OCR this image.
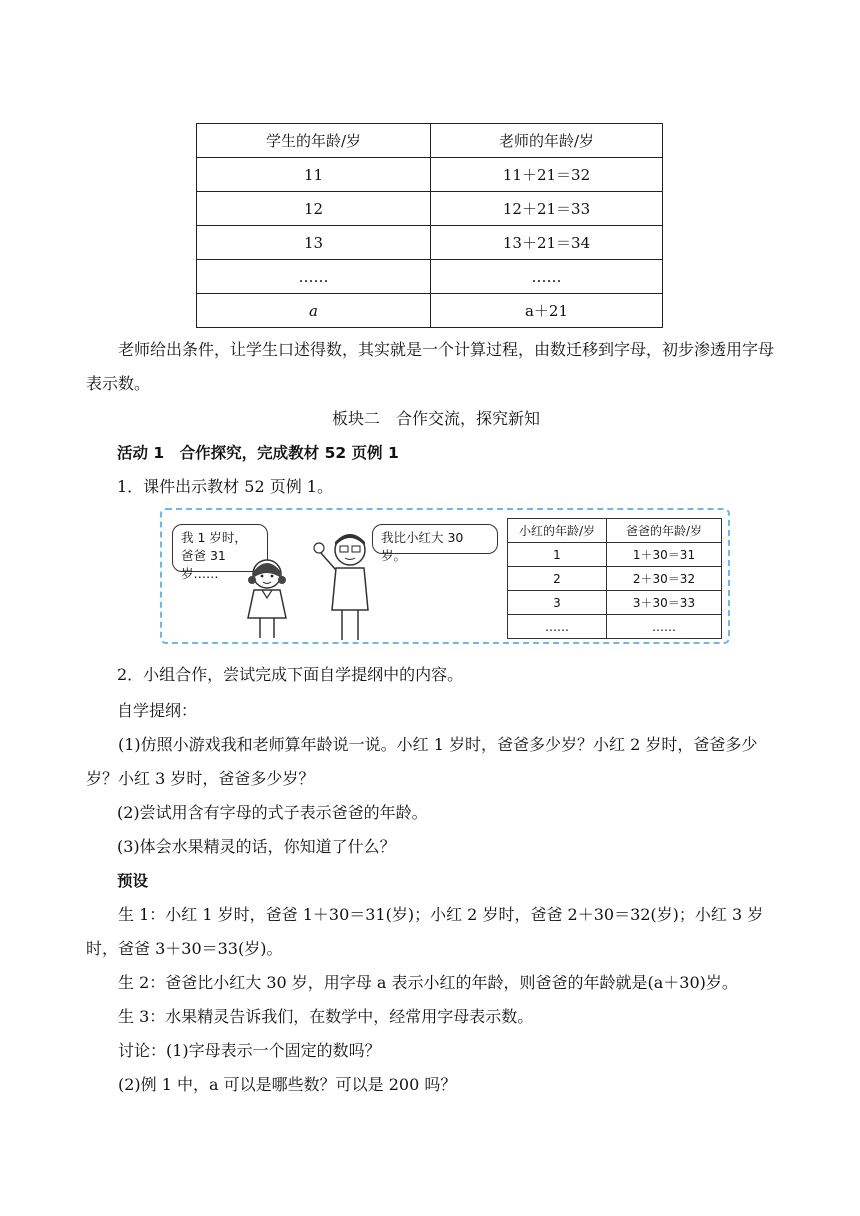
学生的年龄/岁	老师的年龄/岁
11	11＋21＝32
12	12＋21＝33
13	13＋21＝34
……	……
a	a＋21
老师给出条件，让学生口述得数，其实就是一个计算过程，由数迁移到字母，初步渗透用字母表示数。
板块二　合作交流，探究新知
活动 1　合作探究，完成教材 52 页例 1
1．课件出示教材 52 页例 1。
我 1 岁时，爸爸 31 岁……
我比小红大 30 岁。
小红的年龄/岁	爸爸的年龄/岁
1	1＋30＝31
2	2＋30＝32
3	3＋30＝33
……	……
2．小组合作，尝试完成下面自学提纲中的内容。
自学提纲：
(1)仿照小游戏我和老师算年龄说一说。小红 1 岁时，爸爸多少岁？小红 2 岁时，爸爸多少岁？小红 3 岁时，爸爸多少岁？
(2)尝试用含有字母的式子表示爸爸的年龄。
(3)体会水果精灵的话，你知道了什么？
预设
生 1：小红 1 岁时，爸爸 1＋30＝31(岁)；小红 2 岁时，爸爸 2＋30＝32(岁)；小红 3 岁时，爸爸 3＋30＝33(岁)。
生 2：爸爸比小红大 30 岁，用字母 a 表示小红的年龄，则爸爸的年龄就是(a＋30)岁。
生 3：水果精灵告诉我们，在数学中，经常用字母表示数。
讨论：(1)字母表示一个固定的数吗？
(2)例 1 中，a 可以是哪些数？可以是 200 吗？
